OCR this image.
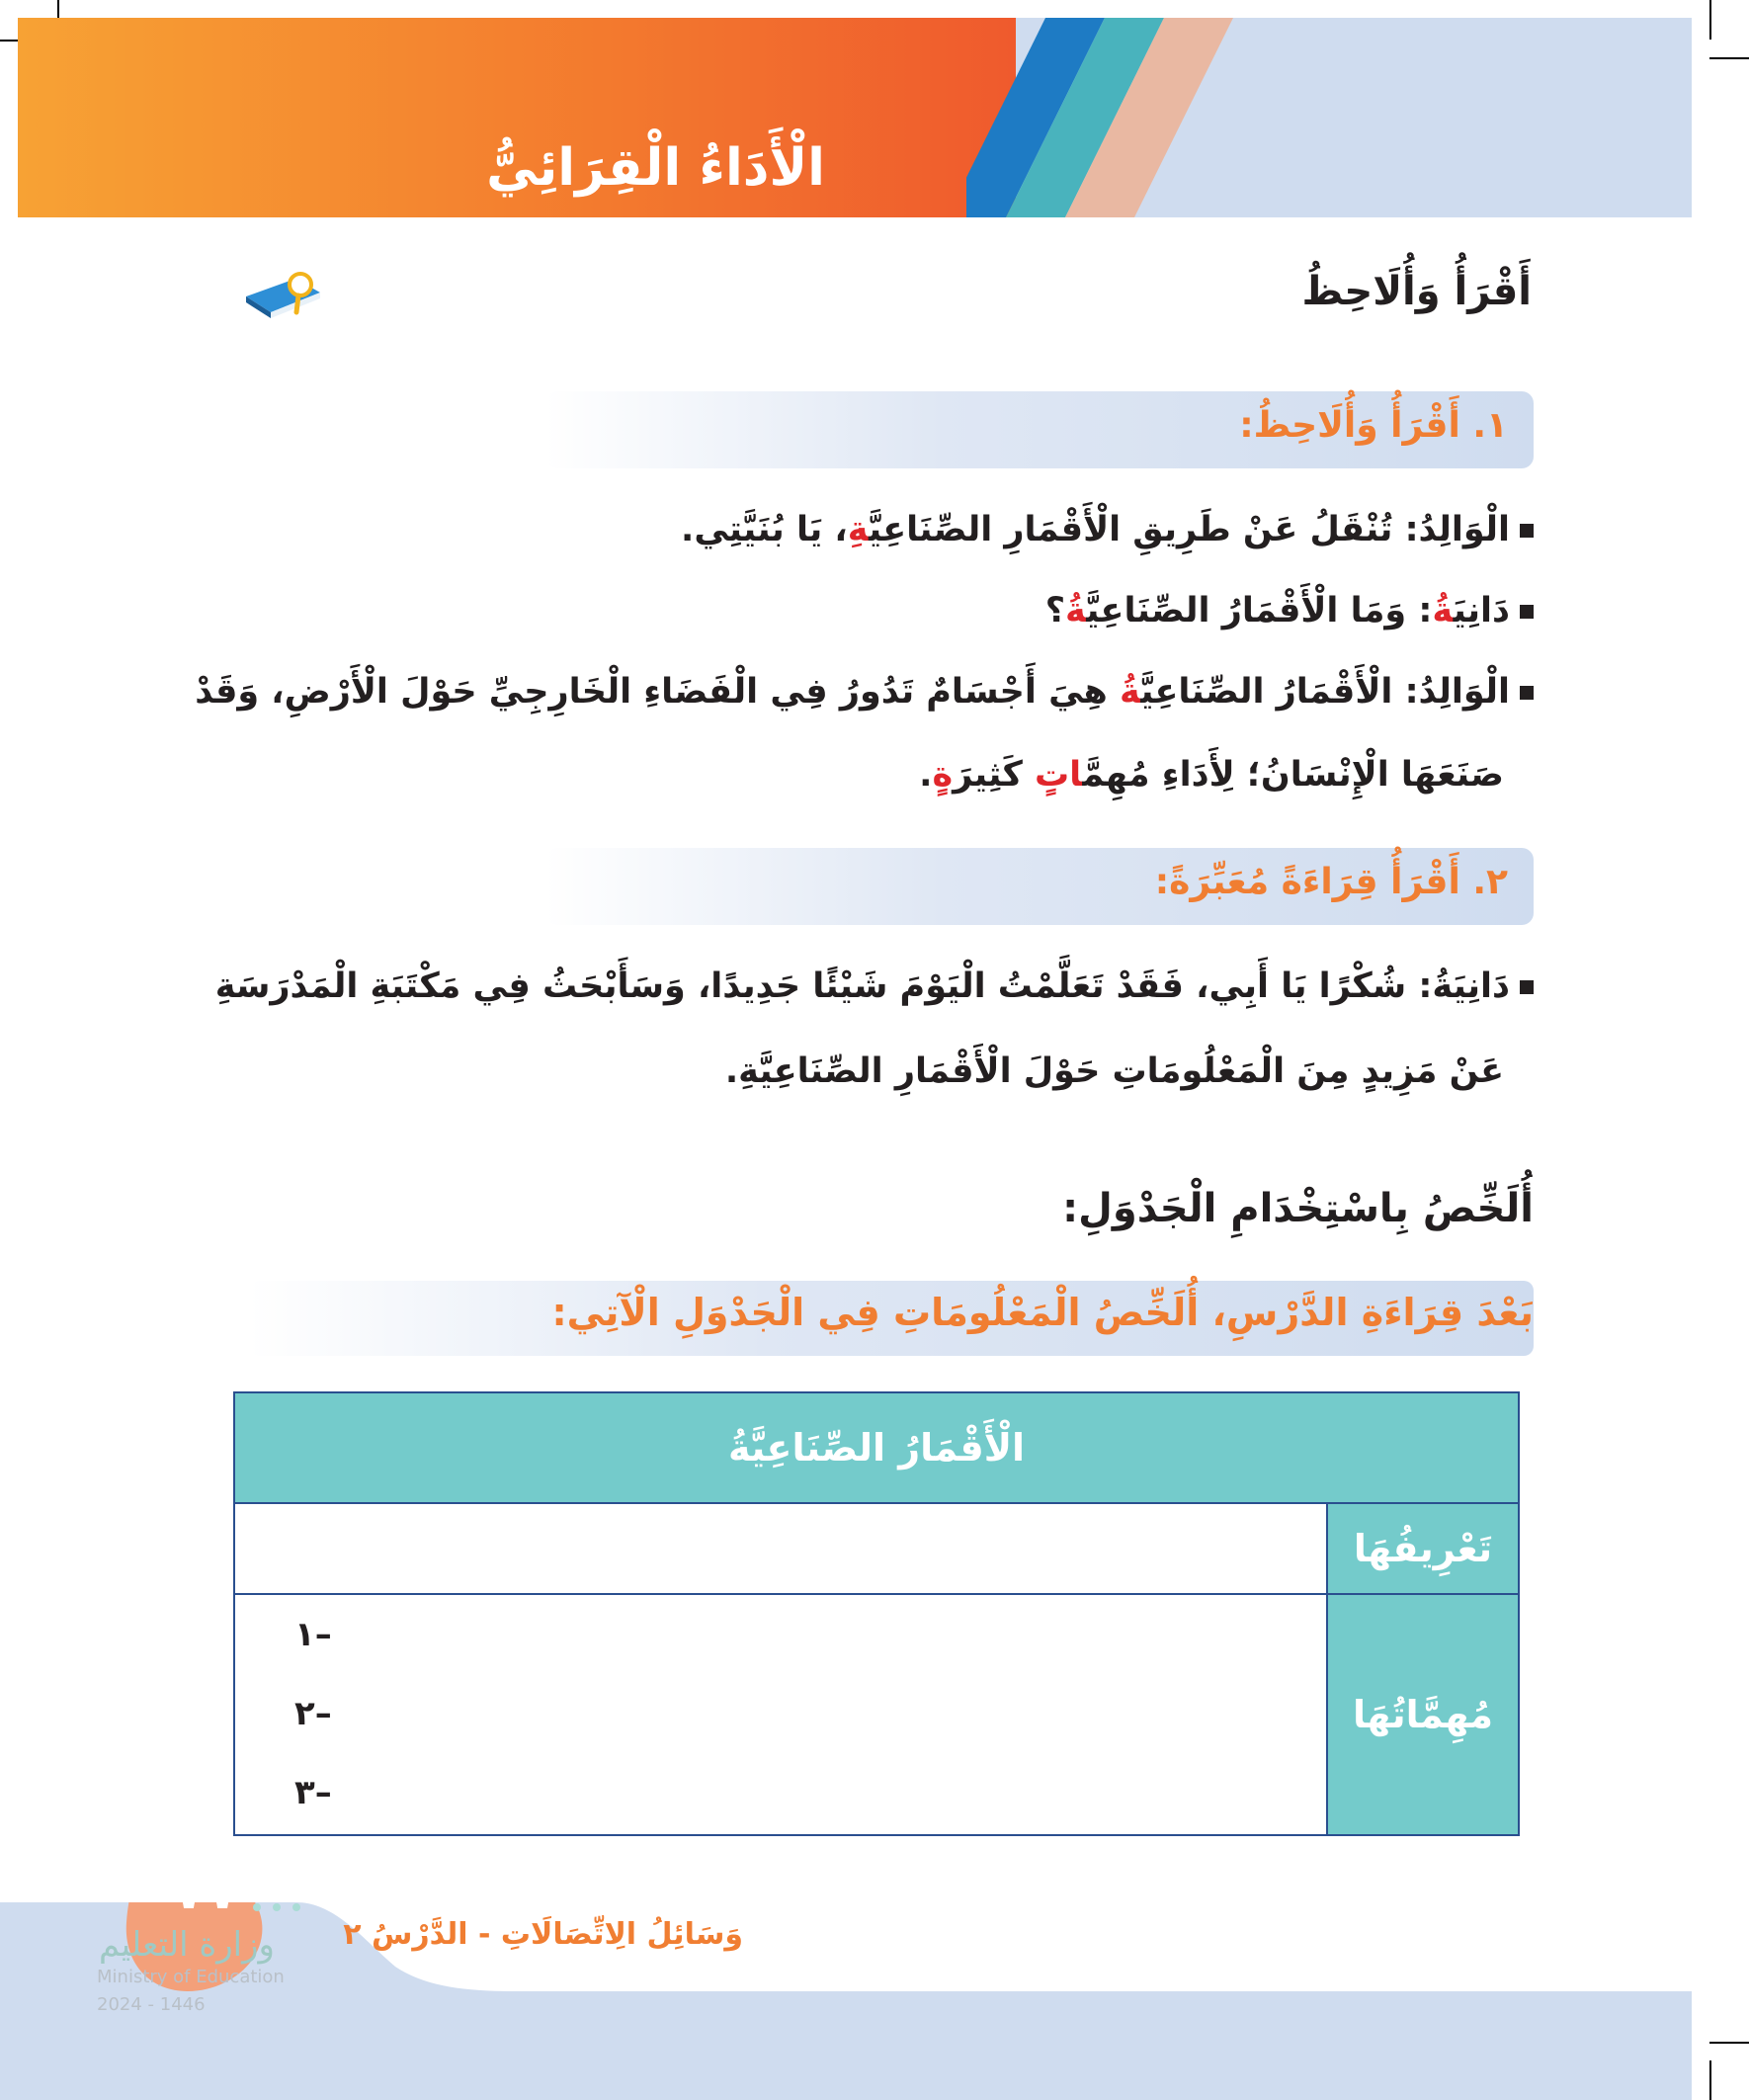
الْأَدَاءُ الْقِرَائِيُّ
أَقْرَأُ وَأُلَاحِظُ
١. أَقْرَأُ وَأُلَاحِظُ:
الْوَالِدُ: تُنْقَلُ عَنْ طَرِيقِ الْأَقْمَارِ الصِّنَاعِيَّةِ، يَا بُنَيَّتِي.
دَانِيَةُ: وَمَا الْأَقْمَارُ الصِّنَاعِيَّةُ؟
الْوَالِدُ: الْأَقْمَارُ الصِّنَاعِيَّةُ هِيَ أَجْسَامٌ تَدُورُ فِي الْفَضَاءِ الْخَارِجِيِّ حَوْلَ الْأَرْضِ، وَقَدْ
صَنَعَهَا الْإِنْسَانُ؛ لِأَدَاءِ مُهِمَّاتٍ كَثِيرَةٍ.
٢. أَقْرَأُ قِرَاءَةً مُعَبِّرَةً:
دَانِيَةُ: شُكْرًا يَا أَبِي، فَقَدْ تَعَلَّمْتُ الْيَوْمَ شَيْئًا جَدِيدًا، وَسَأَبْحَثُ فِي مَكْتَبَةِ الْمَدْرَسَةِ
عَنْ مَزِيدٍ مِنَ الْمَعْلُومَاتِ حَوْلَ الْأَقْمَارِ الصِّنَاعِيَّةِ.
أُلَخِّصُ بِاسْتِخْدَامِ الْجَدْوَلِ:
بَعْدَ قِرَاءَةِ الدَّرْسِ، أُلَخِّصُ الْمَعْلُومَاتِ فِي الْجَدْوَلِ الْآتِي:
الْأَقْمَارُ الصِّنَاعِيَّةُ	
	تَعْرِيفُهَا

١–
٢–
٣–	مُهِمَّاتُهَا
٧٧
وَسَائِلُ الِاتِّصَالَاتِ - الدَّرْسُ ٢
وزارة التعليم
Ministry of Education
2024 - 1446
